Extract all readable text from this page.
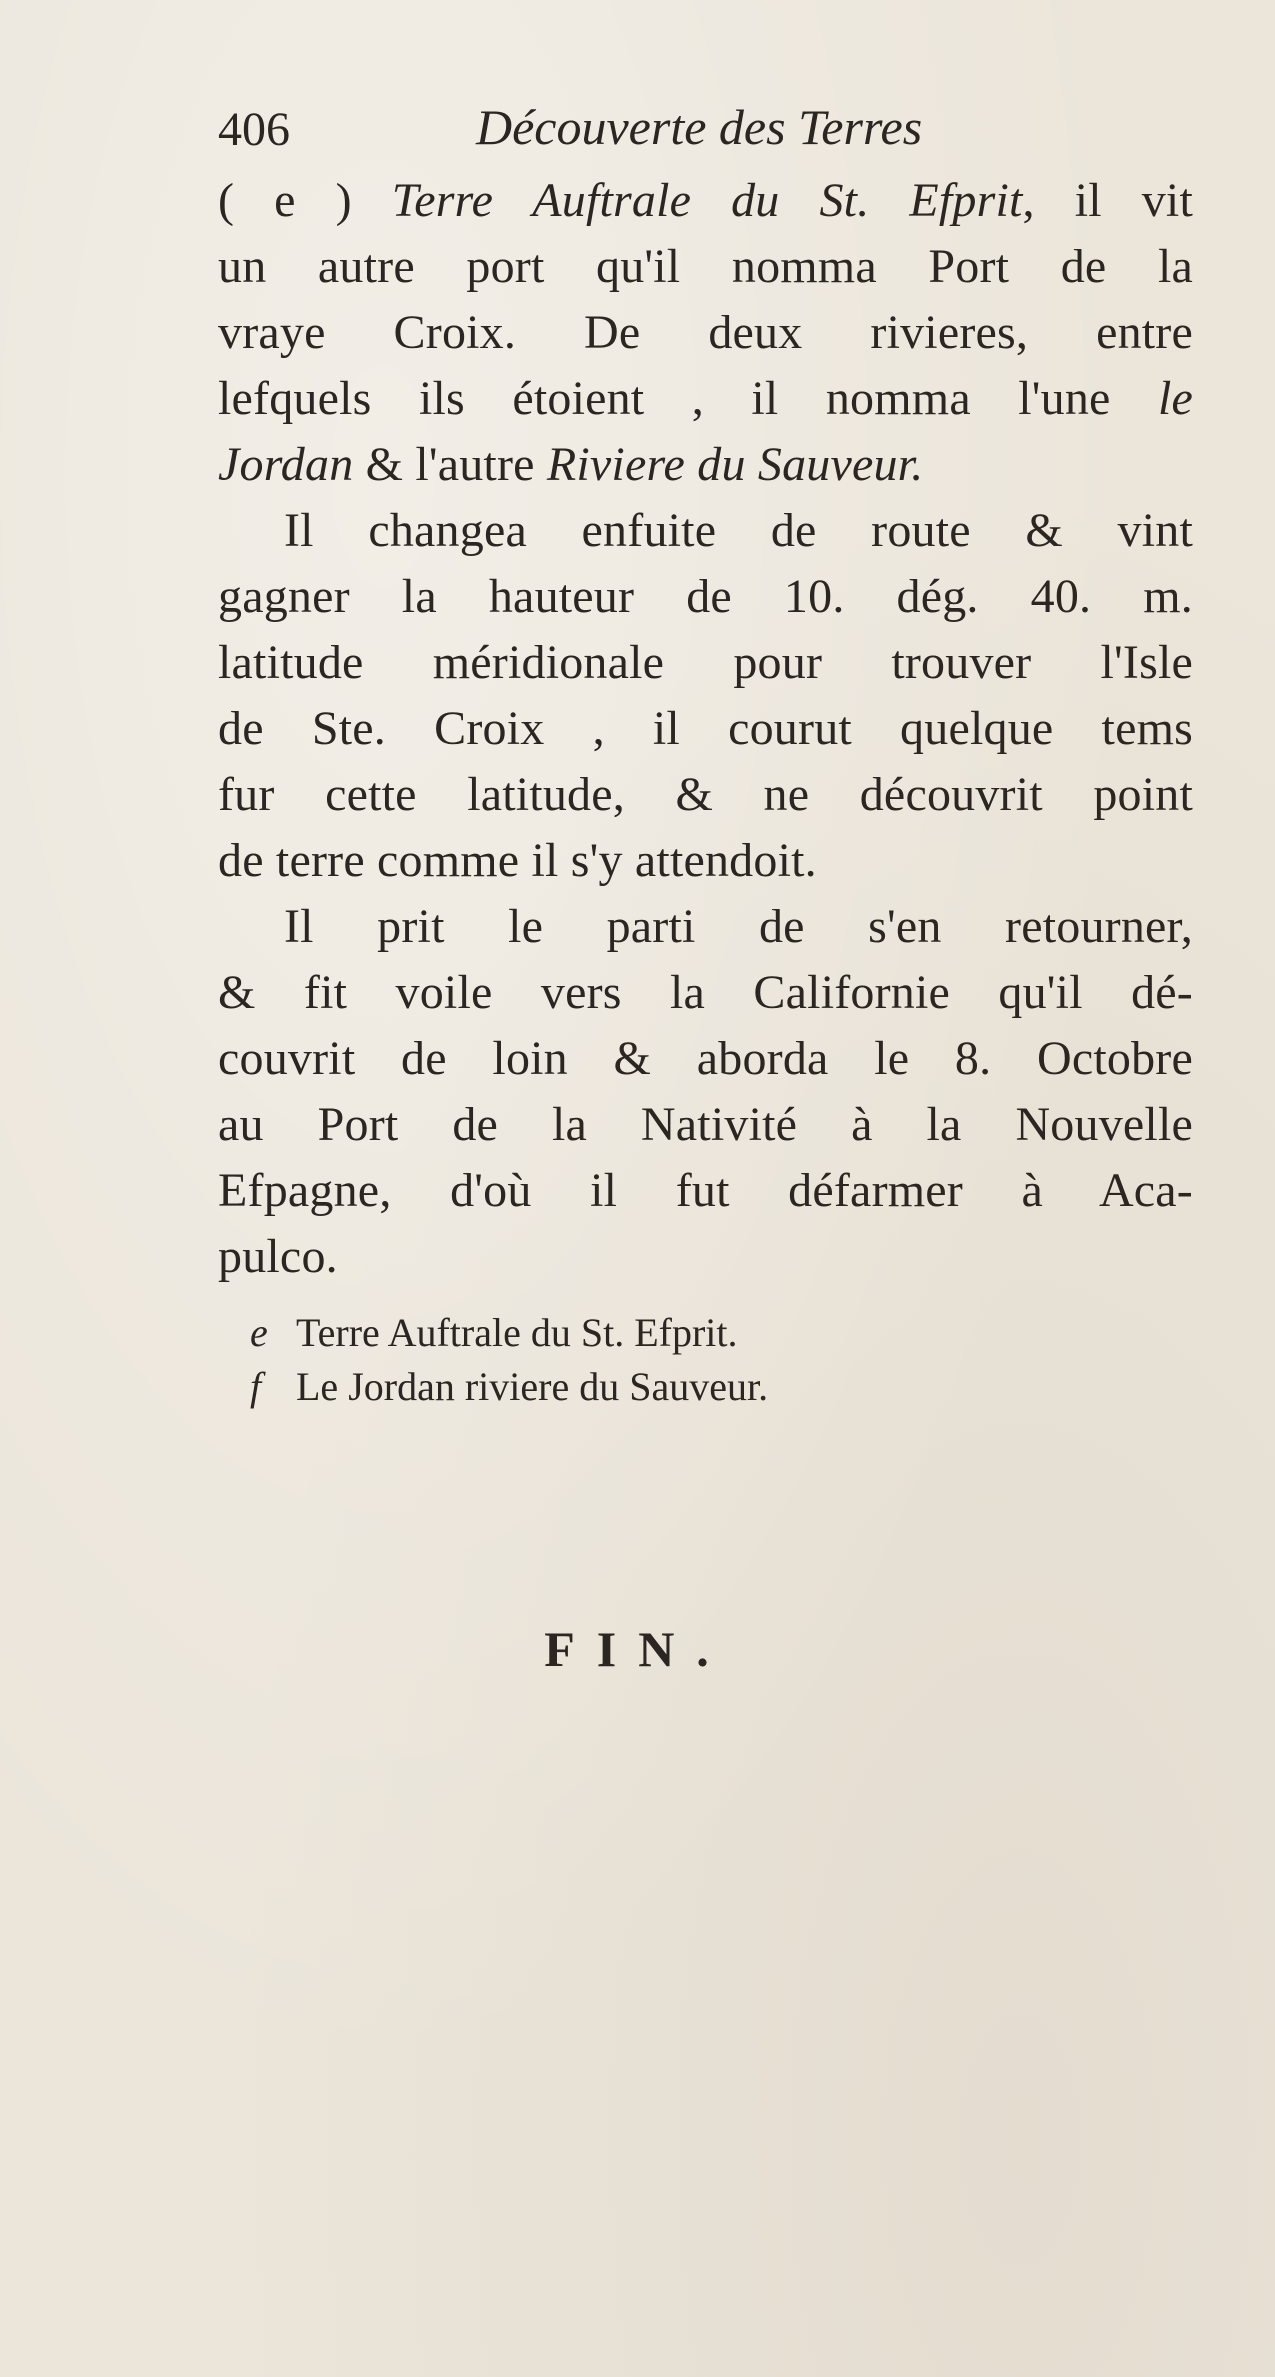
406	Découverte des Terres
( e ) Terre Auftrale du St. Efprit, il vit
un autre port qu'il nomma Port de la
vraye Croix. De deux rivieres, entre
lefquels ils étoient , il nomma l'une le
Jordan & l'autre Riviere du Sauveur.
Il changea enfuite de route & vint
gagner la hauteur de 10. dég. 40. m.
latitude méridionale pour trouver l'Isle
de Ste. Croix , il courut quelque tems
fur cette latitude, & ne découvrit point
de terre comme il s'y attendoit.
Il prit le parti de s'en retourner,
& fit voile vers la Californie qu'il dé-
couvrit de loin & aborda le 8. Octobre
au Port de la Nativité à la Nouvelle
Efpagne, d'où il fut défarmer à Aca-
pulco.
e Terre Auftrale du St. Efprit.
f Le Jordan riviere du Sauveur.
FIN.
